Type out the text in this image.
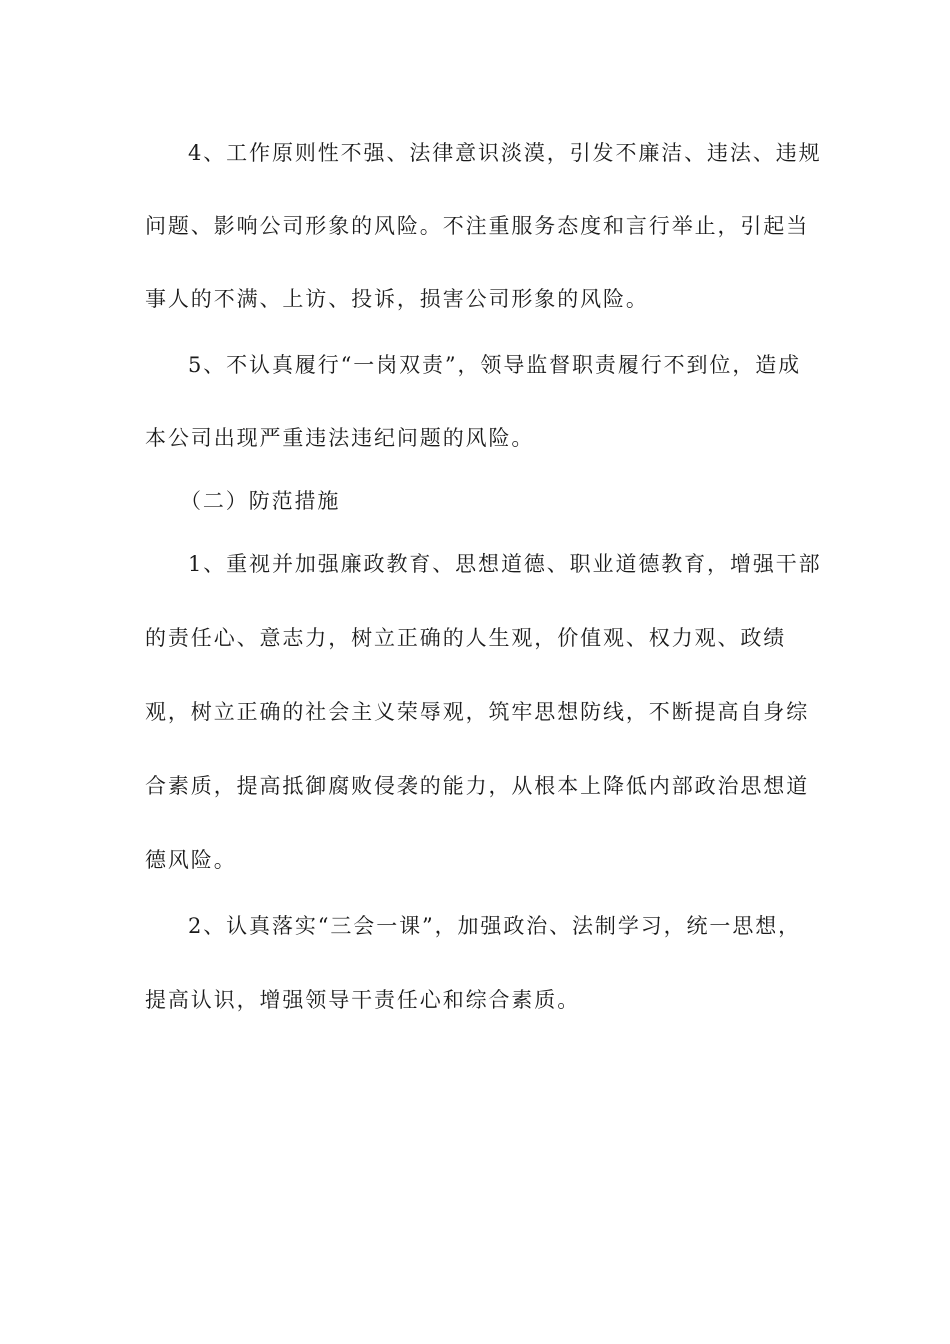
4、工作原则性不强、法律意识淡漠，引发不廉洁、违法、违规
问题、影响公司形象的风险。不注重服务态度和言行举止，引起当
事人的不满、上访、投诉，损害公司形象的风险。
5、不认真履行“一岗双责”，领导监督职责履行不到位，造成
本公司出现严重违法违纪问题的风险。
（二）防范措施
1、重视并加强廉政教育、思想道德、职业道德教育，增强干部
的责任心、意志力，树立正确的人生观，价值观、权力观、政绩
观，树立正确的社会主义荣辱观，筑牢思想防线，不断提高自身综
合素质，提高抵御腐败侵袭的能力，从根本上降低内部政治思想道
德风险。
2、认真落实“三会一课”，加强政治、法制学习，统一思想，
提高认识，增强领导干责任心和综合素质。
